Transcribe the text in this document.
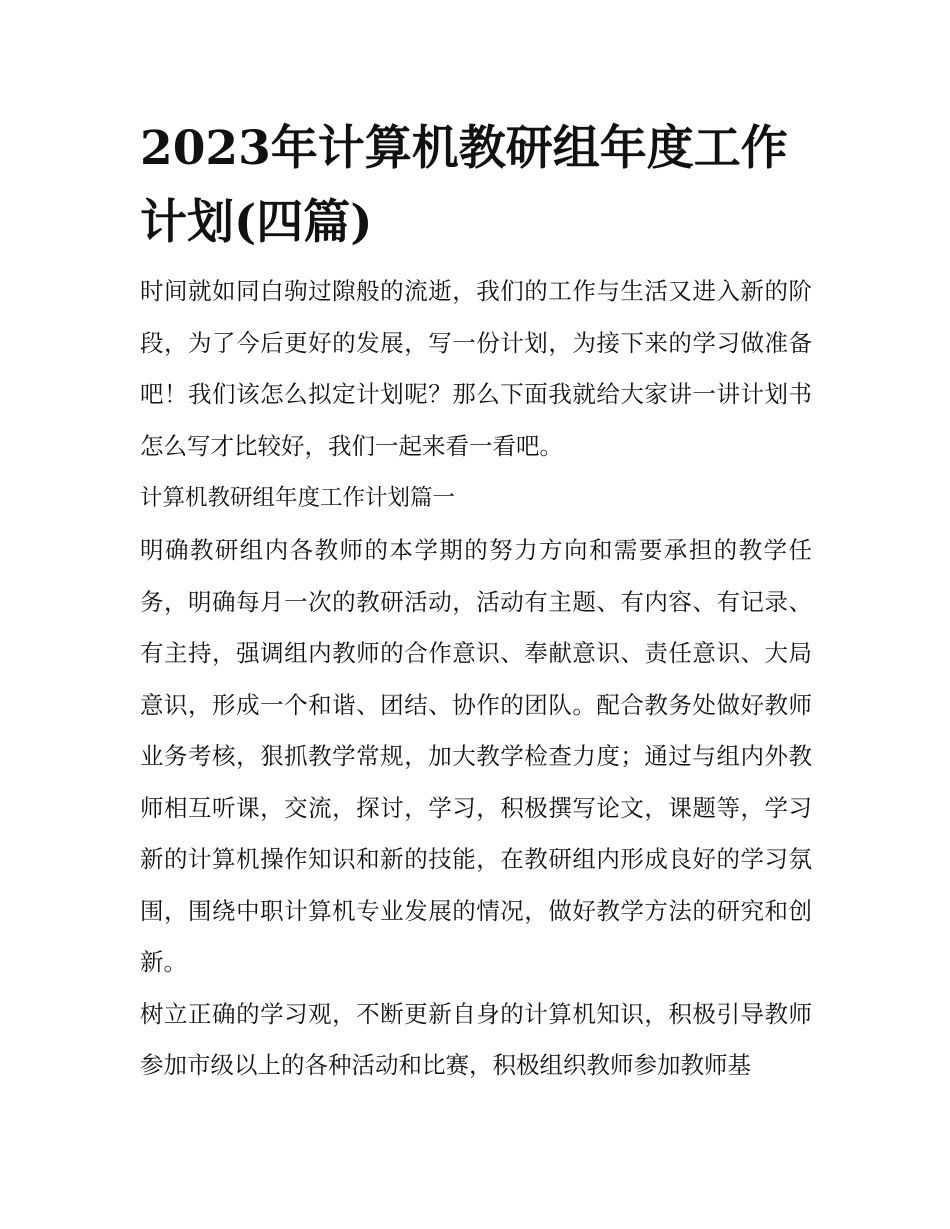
2023年计算机教研组年度工作计划(四篇)

时间就如同白驹过隙般的流逝，我们的工作与生活又进入新的阶段，为了今后更好的发展，写一份计划，为接下来的学习做准备吧！我们该怎么拟定计划呢？那么下面我就给大家讲一讲计划书怎么写才比较好，我们一起来看一看吧。

计算机教研组年度工作计划篇一

明确教研组内各教师的本学期的努力方向和需要承担的教学任务，明确每月一次的教研活动，活动有主题、有内容、有记录、有主持，强调组内教师的合作意识、奉献意识、责任意识、大局意识，形成一个和谐、团结、协作的团队。配合教务处做好教师业务考核，狠抓教学常规，加大教学检查力度；通过与组内外教师相互听课，交流，探讨，学习，积极撰写论文，课题等，学习新的计算机操作知识和新的技能，在教研组内形成良好的学习氛围，围绕中职计算机专业发展的情况，做好教学方法的研究和创新。

树立正确的学习观，不断更新自身的计算机知识，积极引导教师参加市级以上的各种活动和比赛，积极组织教师参加教师基
